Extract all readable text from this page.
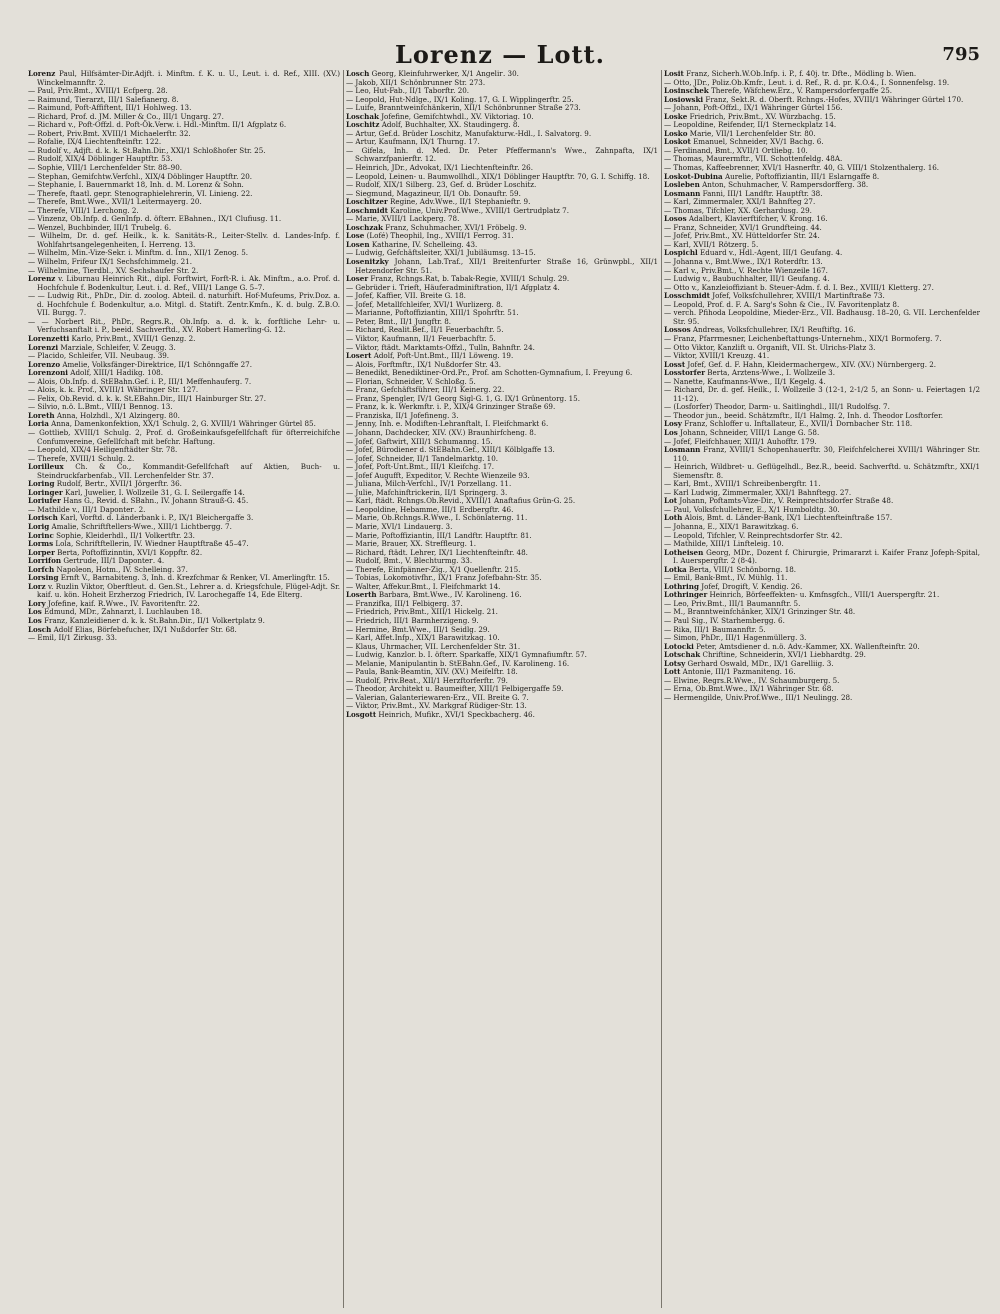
Lorenz — Lott.	795
Lorenz Paul, Hilfsämter-Dir.Adjft. i. Minftm. f. K. u. U., Leut. i. d. Ref., XIII. (XV.) Winckelmannftr. 2.
— Paul, Priv.Bmt., XVIII/1 Ecfperg. 28.
— Raimund, Tierarzt, III/1 Salefianerg. 8.
— Raimund, Poft-Affiftent, III/1 Hohlweg. 13.
— Richard, Prof. d. JM. Miller & Co., III/1 Ungarg. 27.
— Richard v., Poft-Offzl. d. Poft-Ök.Verw. i. Hdl.-Minftm. II/1 Afgplatz 6.
— Robert, Priv.Bmt. XVIII/1 Michaelerftr. 32.
— Rofalie, IX/4 Liechtenfteinftr. 122.
— Rudolf v., Adjft. d. k. k. St.Bahn.Dir., XXI/1 Schloßhofer Str. 25.
— Rudolf, XIX/4 Döblinger Hauptftr. 53.
— Sophie, VIII/1 Lerchenfelder Str. 88–90.
— Stephan, Gemifchtw.Verfchl., XIX/4 Döblinger Hauptftr. 20.
— Stephanie, I. Bauernmarkt 18, Inh. d. M. Lorenz & Sohn.
— Therefe, ftaatl. gepr. Stenographielehrerin, VI. Linieng. 22.
— Therefe, Bmt.Wwe., XVII/1 Leitermayerg. 20.
— Therefe, VIII/1 Lerchong. 2.
— Vinzenz, Ob.Infp. d. GenInfp. d. öfterr. EBahnen., IX/1 Clufiusg. 11.
— Wenzel, Buchbinder, III/1 Trubelg. 6.
— Wilhelm, Dr. d. gef. Heilk., k. k. Sanitäts-R., Leiter-Stellv. d. Landes-Infp. f. Wohlfahrtsangelegenheiten, I. Herreng. 13.
— Wilhelm, Min.-Vize-Sekr. i. Minftm. d. Inn., XII/1 Zenog. 5.
— Wilhelm, Frifeur IX/1 Sechsfchimmelg. 21.
— Wilhelmine, Tierdbl., XV. Sechshaufer Str. 2.
Lorenz v. Liburnau Heinrich Rit., dipl. Forftwirt, Forft-R. i. Ak. Minftm., a.o. Prof. d. Hochfchule f. Bodenkultur, Leut. i. d. Ref., VIII/1 Lange G. 5–7.
— — Ludwig Rit., PhDr., Dir. d. zoolog. Abteil. d. naturhift. Hof-Mufeums, Priv.Doz. a. d. Hochfchule f. Bodenkultur, a.o. Mitgl. d. Statift. Zentr.Kmfn., K. d. bulg. Z.B.O. VII. Burgg. 7.
— — Norbert Rit., PhDr., Regrs.R., Ob.Infp. a. d. k. k. forftliche Lehr- u. Verfuchsanftalt i. P., beeid. Sachverftd., XV. Robert Hamerling-G. 12.
Lorenzetti Karlo, Priv.Bmt., XVIII/1 Genzg. 2.
Lorenzi Marziale, Schleifer, V. Zeugg. 3.
— Placido, Schleifer, VII. Neubaug. 39.
Lorenzo Amelie, Volksfänger-Direktrice, II/1 Schönngaffe 27.
Lorenzoni Adolf, XIII/1 Hadikg. 108.
— Alois, Ob.Infp. d. StEBahn.Gef. i. P., III/1 Meffenhauferg. 7.
— Alois, k. k. Prof., XVIII/1 Währinger Str. 127.
— Felix, Ob.Revid. d. k. k. St.EBahn.Dir., III/1 Hainburger Str. 27.
— Silvio, n.ö. L.Bmt., VIII/1 Bennog. 13.
Loreth Anna, Holzhdl., X/1 Alzingerg. 80.
Loria Anna, Damenkonfektion, XX/1 Schulg. 2, G. XVIII/1 Währinger Gürtel 85.
— Gottlieb, XVIII/1 Schulg. 2, Prof. d. Großeinkaufsgefellfchaft für öfterreichifche Confumvereine, Gefellfchaft mit befchr. Haftung.
— Leopold, XIX/4 Heiligenftädter Str. 78.
— Therefe, XVIII/1 Schulg. 2.
Lorilleux Ch. & Co., Kommandit-Gefellfchaft auf Aktien, Buch- u. Steindruckfarbenfab., VII. Lerchenfelder Str. 37.
Loring Rudolf, Bertr., XVII/1 Jörgerftr. 36.
Loringer Karl, Juwelier, I. Wollzeile 31, G. I. Seilergaffe 14.
Loriufer Hans G., Revid. d. SBahn., IV. Johann Strauß-G. 45.
— Mathilde v., III/1 Dapontег. 2.
Lorisch Karl, Vorftd. d. Länderbank i. P., IX/1 Bleichergaffe 3.
Lorig Amalie, Schriftftellers-Wwe., XIII/1 Lichtbergg. 7.
Lorinc Sophie, Kleiderhdl., II/1 Volkertftr. 23.
Lorms Lola, Schriftftellerin, IV. Wiedner Hauptftraße 45–47.
Lorper Berta, Poftoffizinntin, XVI/1 Koppftr. 82.
Lorrifon Gertrude, III/1 Dapontег. 4.
Lorfch Napoleon, Hotm., IV. Schelleing. 37.
Lorsing Ernft V., Barnabiteng. 3, Inh. d. Krezfchmar & Renker, VI. Amerlingftr. 15.
Lorz v. Ruzlin Viktor, Oberftleut. d. Gen.St., Lehrer a. d. Kriegsfchule, Flügel-Adjt. Sr. kaif. u. kön. Hoheit Erzherzog Friedrich, IV. Larochegaffe 14, Ede Elterg.
Lory Jofefine, kaif. R.Wwe., IV. Favoritenftr. 22.
Los Edmund, MDr., Zahnarzt, I. Luchlauben 18.
Los Franz, Kanzleidiener d. k. k. St.Bahn.Dir., II/1 Volkertplatz 9.
Losch Adolf Elias, Börfebefucher, IX/1 Nußdorfer Str. 68.
— Emil, II/1 Zirkusg. 33.
Losch Georg, Kleinfuhrwerker, X/1 Angeliг. 30.
— Jakob, XII/1 Schönbrunner Str. 273.
— Leo, Hut-Fab., II/1 Taborftr. 20.
— Leopold, Hut-Ndlge., IX/1 Koling. 17, G. I. Wipplingerftr. 25.
— Luife, Branntweinfchänkerin, XII/1 Schönbrunner Straße 273.
Loschak Jofefine, Gemifchtwhdl., XV. Viktoriag. 10.
Loschitz Adolf, Buchhalter, XX. Staudingerg. 8.
— Artur, Gef.d. Brüder Loschitz, Manufakturw.-Hdl., I. Salvatorg. 9.
— Artur, Kaufmann, IX/1 Thurng. 17.
— Gifela, Inh. d. Med. Dr. Peter Pfeffermann's Wwe., Zahnpafta, IX/1 Schwarzfpanierftr. 12.
— Heinrich, JDr., Advokat, IX/1 Liechtenfteinftr. 26.
— Leopold, Leinen- u. Baumwollhdl., XIX/1 Döblinger Hauptftr. 70, G. I. Schiffg. 18.
— Rudolf, XIX/1 Silberg. 23, Gef. d. Brüder Loschitz.
— Siegmund, Magazineur, II/1 Ob. Donauftr. 59.
Loschitzer Regine, Adv.Wwe., II/1 Stephanieftr. 9.
Loschmidt Karoline, Univ.Prof.Wwe., XVIII/1 Gertrudplatz 7.
— Marie, XVIII/1 Lackperg. 78.
Loschzak Franz, Schuhmacher, XVI/1 Fröbelg. 9.
Lose (Lofé) Theophil, Ing., XVIII/1 Ferrog. 31.
Losen Katharine, IV. Schelleing. 43.
— Ludwig, Gefchäftsleiter, XXI/1 Jubiläumsg. 13–15.
Losenitzky Johann, Lab.Traf., XII/1 Breitenfurter Straße 16, Grünwpbl., XII/1 Hetzendorfer Str. 51.
Loser Franz, Rchngs.Rat, b. Tabak-Regie, XVIII/1 Schulg. 29.
— Gebrüder i. Trieft, Häuferadminiftration, II/1 Afgplatz 4.
— Jofef, Kaffier, VII. Breite G. 18.
— Jofef, Metallfchleifer, XVI/1 Wurlizerg. 8.
— Marianne, Poftoffiziantin, XIII/1 Spohrftr. 51.
— Peter, Bmt., II/1 Jungftr. 8.
— Richard, Realit.Bef., II/1 Feuerbachftr. 5.
— Viktor, Kaufmann, II/1 Feuerbachftr. 5.
— Viktor, ftädt. Marktamts-Offzl., Tulln, Bahnftr. 24.
Losert Adolf, Poft-Unt.Bmt., III/1 Löweng. 19.
— Alois, Forftmftr., IX/1 Nußdorfer Str. 43.
— Benedikt, Benediktiner-Ord.Pr., Prof. am Schotten-Gymnafium, I. Freyung 6.
— Florian, Schneider, V. Schloßg. 5.
— Franz, Gefchäftsführer, III/1 Keinerg. 22.
— Franz, Spengler, IV/1 Georg Sigl-G. 1, G. IX/1 Grünentorg. 15.
— Franz, k. k. Werkmftr. i. P., XIX/4 Grinzinger Straße 69.
— Franziska, II/1 Jofefineng. 3.
— Jenny, Inh. e. Modiften-Lehranftalt, I. Fleifchmarkt 6.
— Johann, Dachdecker, XIV. (XV.) Braunhirfcheng. 8.
— Jofef, Gaftwirt, XIII/1 Schumanng. 15.
— Jofef, Bürodiener d. StEBahn.Gef., XIII/1 Kölblgaffe 13.
— Jofef, Schneider, II/1 Tandelmarktg. 10.
— Jofef, Poft-Unt.Bmt., III/1 Kleifchg. 17.
— Jofef Augufft, Expeditor, V. Rechte Wienzeile 93.
— Juliana, Milch-Verfchl., IV/1 Porzellang. 11.
— Julie, Mafchinftrickerin, II/1 Springerg. 3.
— Karl, ftädt. Rchngs.Ob.Revid., XVIII/1 Anaftafius Grün-G. 25.
— Leopoldine, Hebamme, III/1 Erdbergftr. 46.
— Marie, Ob.Rchngs.R.Wwe., I. Schönlaterng. 11.
— Marie, XVI/1 Lindauerg. 3.
— Marie, Poftoffiziantin, III/1 Landftr. Hauptftr. 81.
— Marie, Brauer, XX. Streffleurg. 1.
— Richard, ftädt. Lehrer, IX/1 Liechtenfteinftr. 48.
— Rudolf, Bmt., V. Blechturmg. 33.
— Therefe, Einfpänner-Zig., X/1 Quellenftr. 215.
— Tobias, Lokomotivfhr., IX/1 Franz Jofefbahn-Str. 35.
— Walter, Affekur.Bmt., I. Fleifchmarkt 14.
Loserth Barbara, Bmt.Wwe., IV. Karolineng. 16.
— Franzifka, III/1 Felbigerg. 37.
— Friedrich, Priv.Bmt., XIII/1 Hickelg. 21.
— Friedrich, III/1 Barmherzigeng. 9.
— Hermine, Bmt.Wwe., III/1 Seidlg. 29.
— Karl, Affet.Infp., XIX/1 Barawitzkag. 10.
— Klaus, Uhrmacher, VII. Lerchenfelder Str. 31.
— Ludwig, Kanzlor. b. I. öfterr. Sparkaffe, XIX/1 Gymnafiumftr. 57.
— Melanie, Manipulantin b. StEBahn.Gef., IV. Karolineng. 16.
— Paula, Bank-Beamtin, XIV. (XV.) Meifelftr. 18.
— Rudolf, Priv.Beat., XII/1 Herzftorferftr. 79.
— Theodor, Architekt u. Baumeifter, XIII/1 Felbigergaffe 59.
— Valerian, Galanteriewaren-Erz., VII. Breite G. 7.
— Viktor, Priv.Bmt., XV. Markgraf Rüdiger-Str. 13.
Losgott Heinrich, Mufikr., XVI/1 Speckbacherg. 46.
Losit Franz, Sicherh.W.Ob.Infp. i. P., f. 40j. tr. Dfte., Mödling b. Wien.
— Otto, JDr., Poliz.Ob.Kmfr., Leut. i. d. Ref., R. d. pr. K.O.4., I. Sonnenfelsg. 19.
Losinschek Therefe, Wäfchew.Erz., V. Rampersdorfergaffe 25.
Losiowski Franz, Sekt.R. d. Oberft. Rchngs.-Hofes, XVIII/1 Währinger Gürtel 170.
— Johann, Poft-Offzl., IX/1 Währinger Gürtel 156.
Loske Friedrich, Priv.Bmt., XV. Würzbachg. 15.
— Leopoldine, Reifender, II/1 Sterneckplatz 14.
Losko Marie, VII/1 Lerchenfelder Str. 80.
Loskot Emanuel, Schneider, XV/1 Bachg. 6.
— Ferdinand, Bmt., XVII/1 Ortliebg. 10.
— Thomas, Maurermftr., VII. Schottenfeldg. 48A.
— Thomas, Kaffeebrenner, XVI/1 Hasnerftr. 40, G. VIII/1 Stolzenthalerg. 16.
Loskot-Dubina Aurelie, Poftoffiziantin, III/1 Eslarngaffe 8.
Losleben Anton, Schuhmacher, V. Rampersdorfferg. 38.
Losmann Fanni, III/1 Landftr. Hauptftr. 38.
— Karl, Zimmermaler, XXI/1 Bahnfteg 27.
— Thomas, Tifchler, XX. Gerhardusg. 29.
Losos Adalbert, Klavierftifcher, V. Krong. 16.
— Franz, Schneider, XVI/1 Grundfteing. 44.
— Jofef, Priv.Bmt., XV. Hütteldorfer Str. 24.
— Karl, XVII/1 Rötzerg. 5.
Lospichl Eduard v., Hdl.-Agent, III/1 Geufang. 4.
— Johanna v., Bmt.Wwe., IX/1 Roterdftr. 13.
— Karl v., Priv.Bmt., V. Rechte Wienzeile 167.
— Ludwig v., Baubuchhalter, III/1 Geufang. 4.
— Otto v., Kanzleioffiziant b. Steuer-Adm. f. d. I. Bez., XVIII/1 Kletterg. 27.
Losschmidt Jofef, Volksfchullehrer, XVIII/1 Martinftraße 73.
— Leopold, Prof. d. F. A. Sarg's Sohn & Cie., IV. Favoritenplatz 8.
— verch. Pfihoda Leopoldine, Mieder-Erz., VII. Badhausg. 18–20, G. VII. Lerchenfelder Str. 95.
Lossos Andreas, Volksfchullehrer, IX/1 Reuftiftg. 16.
— Franz, Pfarrmesner, Leichenbeftattungs-Unternehm., XIX/1 Bormoferg. 7.
— Otto Viktor, Kanzlift u. Organift, VII. St. Ulrichs-Platz 3.
— Viktor, XVIII/1 Kreuzg. 41.
Losst Jofef, Gef. d. F. Hahn, Kleidermachergew., XIV. (XV.) Nürnbergerg. 2.
Losstorfer Berta, Arztens-Wwe., I. Wollzeile 3.
— Nanette, Kaufmanns-Wwe., II/1 Kegelg. 4.
— Richard, Dr. d. gef. Heilk., I. Wollzeile 3 (12-1, 2-1/2 5, an Sonn- u. Feiertagen 1/2 11-12).
— (Losforfer) Theodor, Darm- u. Saitlinghdl., III/1 Rudolfsg. 7.
— Theodor jun., beeid. Schätzmftr., II/1 Halmg. 2, Inh. d. Theodor Losftorfer.
Losy Franz, Schloffer u. Inftallateur, E., XVII/1 Dornbacher Str. 118.
Los Johann, Schneider, VIII/1 Lange G. 58.
— Jofef, Fleifchhauer, XIII/1 Auhofftr. 179.
Losmann Franz, XVIII/1 Schopenhauerftr. 30, Fleifchfelcherei XVIII/1 Währinger Str. 110.
— Heinrich, Wildbret- u. Geflügelhdl., Bez.R., beeid. Sachverftd. u. Schätzmftr., XXI/1 Siemensftr. 8.
— Karl, Bmt., XVIII/1 Schreibenbergftr. 11.
— Karl Ludwig, Zimmermaler, XXI/1 Bahnftegg. 27.
Lot Johann, Poftamts-Vize-Dir., V. Reinprechtsdorfer Straße 48.
— Paul, Volksfchullehrer, E., X/1 Humboldtg. 30.
Loth Alois, Bmt. d. Länder-Bank, IX/1 Liechtenfteinftraße 157.
— Johanna, E., XIX/1 Barawitzkag. 6.
— Leopold, Tifchler, V. Reinprechtsdorfer Str. 42.
— Mathilde, XIII/1 Linfteleig. 10.
Lotheisen Georg, MDr., Dozent f. Chirurgie, Primararzt i. Kaifer Franz Jofeph-Spital, I. Auerspergftr. 2 (8-4).
Lotka Berta, VIII/1 Schönborng. 18.
— Emil, Bank-Bmt., IV. Mühlg. 11.
Lothring Jofef, Drogift, V. Kendig. 26.
Lothringer Heinrich, Börfeeffekten- u. Kmfnsgfch., VIII/1 Auerspergftr. 21.
— Leo, Priv.Bmt., III/1 Baumannftr. 5.
— M., Branntweinfchänker, XIX/1 Grinzinger Str. 48.
— Paul Sig., IV. Starhembergg. 6.
— Rika, III/1 Baumannftr. 5.
— Simon, PhDr., III/1 Hagenmüllerg. 3.
Lotocki Peter, Amtsdiener d. n.ö. Adv.-Kammer, XX. Wallenfteinftr. 20.
Lotschak Chriftine, Schneiderin, XVI/1 Liebhardtg. 29.
Lotsy Gerhard Oswald, MDr., IX/1 Garelliig. 3.
Lott Antonie, III/1 Pazmaniteng. 16.
— Elwine, Regrs.R.Wwe., IV. Schaumburgerg. 5.
— Erna, Ob.Bmt.Wwe., IX/1 Währinger Str. 68.
— Hermengilde, Univ.Prof.Wwe., III/1 Neulingg. 28.
